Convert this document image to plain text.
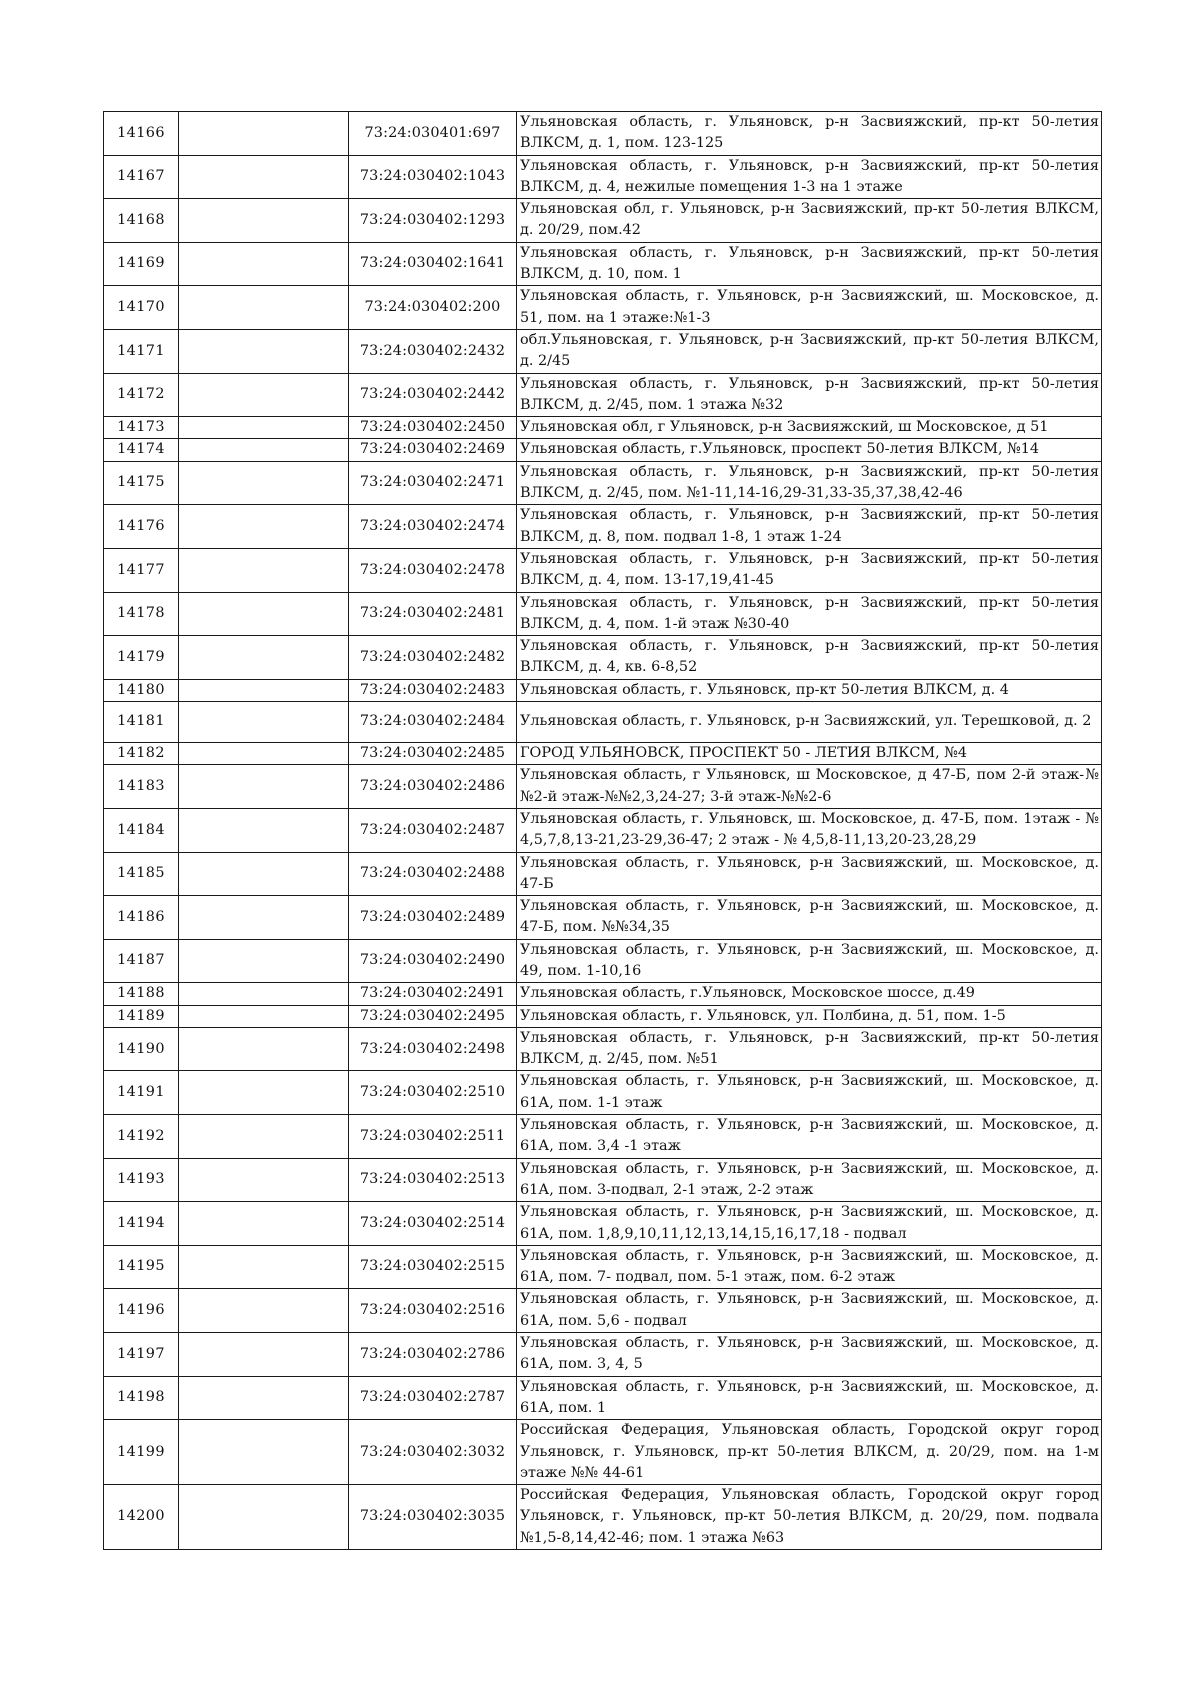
14166		73:24:030401:697	Ульяновская область, г. Ульяновск, р-н Засвияжский, пр-кт 50-летия ВЛКСМ, д. 1, пом. 123-125
14167		73:24:030402:1043	Ульяновская область, г. Ульяновск, р-н Засвияжский, пр-кт 50-летия ВЛКСМ, д. 4, нежилые помещения 1-3 на 1 этаже
14168		73:24:030402:1293	Ульяновская обл, г. Ульяновск, р-н Засвияжский, пр-кт 50-летия ВЛКСМ, д. 20/29, пом.42
14169		73:24:030402:1641	Ульяновская область, г. Ульяновск, р-н Засвияжский, пр-кт 50-летия ВЛКСМ, д. 10, пом. 1
14170		73:24:030402:200	Ульяновская область, г. Ульяновск, р-н Засвияжский, ш. Московское, д. 51, пом. на 1 этаже:№1-3
14171		73:24:030402:2432	обл.Ульяновская, г. Ульяновск, р-н Засвияжский, пр-кт 50-летия ВЛКСМ, д. 2/45
14172		73:24:030402:2442	Ульяновская область, г. Ульяновск, р-н Засвияжский, пр-кт 50-летия ВЛКСМ, д. 2/45, пом. 1 этажа №32
14173		73:24:030402:2450	Ульяновская обл, г Ульяновск, р-н Засвияжский, ш Московское, д 51
14174		73:24:030402:2469	Ульяновская область, г.Ульяновск, проспект 50-летия ВЛКСМ, №14
14175		73:24:030402:2471	Ульяновская область, г. Ульяновск, р-н Засвияжский, пр-кт 50-летия ВЛКСМ, д. 2/45, пом. №1-11,14-16,29-31,33-35,37,38,42-46
14176		73:24:030402:2474	Ульяновская область, г. Ульяновск, р-н Засвияжский, пр-кт 50-летия ВЛКСМ, д. 8, пом. подвал 1-8, 1 этаж 1-24
14177		73:24:030402:2478	Ульяновская область, г. Ульяновск, р-н Засвияжский, пр-кт 50-летия ВЛКСМ, д. 4, пом. 13-17,19,41-45
14178		73:24:030402:2481	Ульяновская область, г. Ульяновск, р-н Засвияжский, пр-кт 50-летия ВЛКСМ, д. 4, пом. 1-й этаж №30-40
14179		73:24:030402:2482	Ульяновская область, г. Ульяновск, р-н Засвияжский, пр-кт 50-летия ВЛКСМ, д. 4, кв. 6-8,52
14180		73:24:030402:2483	Ульяновская область, г. Ульяновск, пр-кт 50-летия ВЛКСМ, д. 4
14181		73:24:030402:2484	Ульяновская область, г. Ульяновск, р-н Засвияжский, ул. Терешковой, д. 2
14182		73:24:030402:2485	ГОРОД УЛЬЯНОВСК, ПРОСПЕКТ 50 - ЛЕТИЯ ВЛКСМ, №4
14183		73:24:030402:2486	Ульяновская область, г Ульяновск, ш Московское, д 47-Б, пом 2-й этаж-№№2-й этаж-№№2,3,24-27; 3-й этаж-№№2-6
14184		73:24:030402:2487	Ульяновская область, г. Ульяновск, ш. Московское, д. 47-Б, пом. 1этаж - № 4,5,7,8,13-21,23-29,36-47; 2 этаж - № 4,5,8-11,13,20-23,28,29
14185		73:24:030402:2488	Ульяновская область, г. Ульяновск, р-н Засвияжский, ш. Московское, д. 47-Б
14186		73:24:030402:2489	Ульяновская область, г. Ульяновск, р-н Засвияжский, ш. Московское, д. 47-Б, пом. №№34,35
14187		73:24:030402:2490	Ульяновская область, г. Ульяновск, р-н Засвияжский, ш. Московское, д. 49, пом. 1-10,16
14188		73:24:030402:2491	Ульяновская область, г.Ульяновск, Московское шоссе, д.49
14189		73:24:030402:2495	Ульяновская область, г. Ульяновск, ул. Полбина, д. 51, пом. 1-5
14190		73:24:030402:2498	Ульяновская область, г. Ульяновск, р-н Засвияжский, пр-кт 50-летия ВЛКСМ, д. 2/45, пом. №51
14191		73:24:030402:2510	Ульяновская область, г. Ульяновск, р-н Засвияжский, ш. Московское, д. 61А, пом. 1-1 этаж
14192		73:24:030402:2511	Ульяновская область, г. Ульяновск, р-н Засвияжский, ш. Московское, д. 61А, пом. 3,4 -1 этаж
14193		73:24:030402:2513	Ульяновская область, г. Ульяновск, р-н Засвияжский, ш. Московское, д. 61А, пом. 3-подвал, 2-1 этаж, 2-2 этаж
14194		73:24:030402:2514	Ульяновская область, г. Ульяновск, р-н Засвияжский, ш. Московское, д. 61А, пом. 1,8,9,10,11,12,13,14,15,16,17,18 - подвал
14195		73:24:030402:2515	Ульяновская область, г. Ульяновск, р-н Засвияжский, ш. Московское, д. 61А, пом. 7- подвал, пом. 5-1 этаж, пом. 6-2 этаж
14196		73:24:030402:2516	Ульяновская область, г. Ульяновск, р-н Засвияжский, ш. Московское, д. 61А, пом. 5,6 - подвал
14197		73:24:030402:2786	Ульяновская область, г. Ульяновск, р-н Засвияжский, ш. Московское, д. 61А, пом. 3, 4, 5
14198		73:24:030402:2787	Ульяновская область, г. Ульяновск, р-н Засвияжский, ш. Московское, д. 61А, пом. 1
14199		73:24:030402:3032	Российская Федерация, Ульяновская область, Городской округ город Ульяновск, г. Ульяновск, пр-кт 50-летия ВЛКСМ, д. 20/29, пом. на 1-м этаже №№ 44-61
14200		73:24:030402:3035	Российская Федерация, Ульяновская область, Городской округ город Ульяновск, г. Ульяновск, пр-кт 50-летия ВЛКСМ, д. 20/29, пом. подвала №1,5-8,14,42-46; пом. 1 этажа №63
